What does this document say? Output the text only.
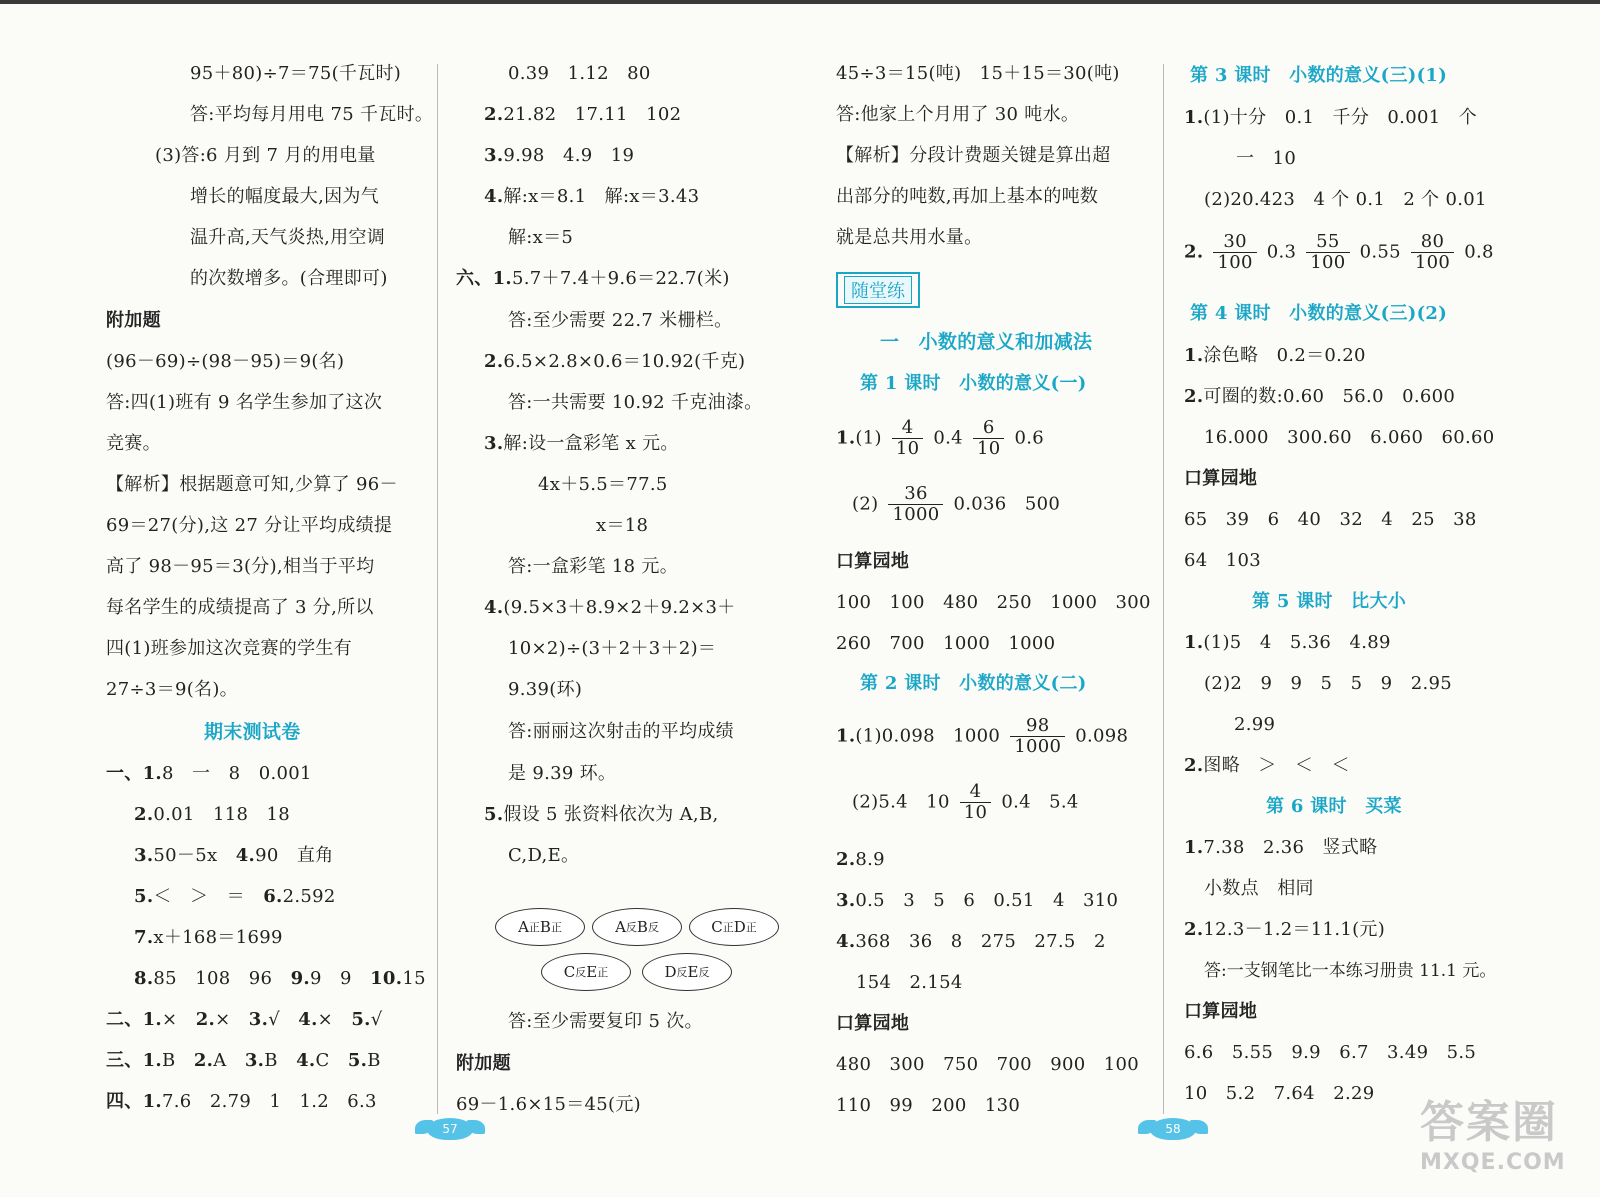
95＋80)÷7＝75(千瓦时)
答:平均每月用电 75 千瓦时。
(3)答:6 月到 7 月的用电量
增长的幅度最大,因为气
温升高,天气炎热,用空调
的次数增多。(合理即可)
附加题
(96－69)÷(98－95)＝9(名)
答:四(1)班有 9 名学生参加了这次
竞赛。
【解析】根据题意可知,少算了 96－
69＝27(分),这 27 分让平均成绩提
高了 98－95＝3(分),相当于平均
每名学生的成绩提高了 3 分,所以
四(1)班参加这次竞赛的学生有
27÷3＝9(名)。
期末测试卷
一、1.8　一　8　0.001
2.0.01　118　18
3.50－5x　4.90　直角
5.＜　＞　＝　6.2.592
7.x＋168＝1699
8.85　108　96　9.9　9　10.15
二、1.×　2.×　3.√　4.×　5.√
三、1.B　2.A　3.B　4.C　5.B
四、1.7.6　2.79　1　1.2　6.3
0.39　1.12　80
2.21.82　17.11　102
3.9.98　4.9　19
4.解:x＝8.1　解:x＝3.43
解:x＝5
六、1.5.7＋7.4＋9.6＝22.7(米)
答:至少需要 22.7 米栅栏。
2.6.5×2.8×0.6＝10.92(千克)
答:一共需要 10.92 千克油漆。
3.解:设一盒彩笔 x 元。
4x＋5.5＝77.5
x＝18
答:一盒彩笔 18 元。
4.(9.5×3＋8.9×2＋9.2×3＋
10×2)÷(3＋2＋3＋2)＝
9.39(环)
答:丽丽这次射击的平均成绩
是 9.39 环。
5.假设 5 张资料依次为 A,B,
C,D,E。
A 正 B 正	A 反 B 反	C 正 D 正
C 反 E 正	D 反 E 反
答:至少需要复印 5 次。
附加题
69－1.6×15＝45(元)
45÷3＝15(吨)　15＋15＝30(吨)
答:他家上个月用了 30 吨水。
【解析】分段计费题关键是算出超
出部分的吨数,再加上基本的吨数
就是总共用水量。
随堂练
一　小数的意义和加减法
第 1 课时　小数的意义(一)
$1.(1) \frac{4}{10} 0.4 \frac{6}{10} 0.6$
$(2) \frac{36}{1000} 0.036$　500
口算园地
100　100　480　250　1000　300
260　700　1000　1000
第 2 课时　小数的意义(二)
1.(1)0.098　$1000 \frac{98}{1000} 0.098$
(2)5.4　$10 \frac{4}{10} 0.4$　5.4
2.8.9
3.0.5　3　5　6　0.51　4　310
4.368　36　8　275　27.5　2
154　2.154
口算园地
480　300　750　700　900　100
110　99　200　130
第 3 课时　小数的意义(三)(1)
1.(1)十分　0.1　千分　0.001　个
一　10
(2)20.423　4 个 0.1　2 个 0.01
2. $\frac{30}{100} 0.3 \frac{55}{100} 0.55 \frac{80}{100} 0.8$
第 4 课时　小数的意义(三)(2)
1.涂色略　0.2＝0.20
2.可圈的数:0.60　56.0　0.600
16.000　300.60　6.060　60.60
口算园地
65　39　6　40　32　4　25　38
64　103
第 5 课时　比大小
1.(1)5　4　5.36　4.89
(2)2　9　9　5　5　9　2.95
2.99
2.图略　＞　＜　＜
第 6 课时　买菜
1.7.38　2.36　竖式略
小数点　相同
2.12.3－1.2＝11.1(元)
答:一支钢笔比一本练习册贵 11.1 元。
口算园地
6.6　5.55　9.9　6.7　3.49　5.5
10　5.2　7.64　2.29
57	58	答案圈
MXQE.COM
